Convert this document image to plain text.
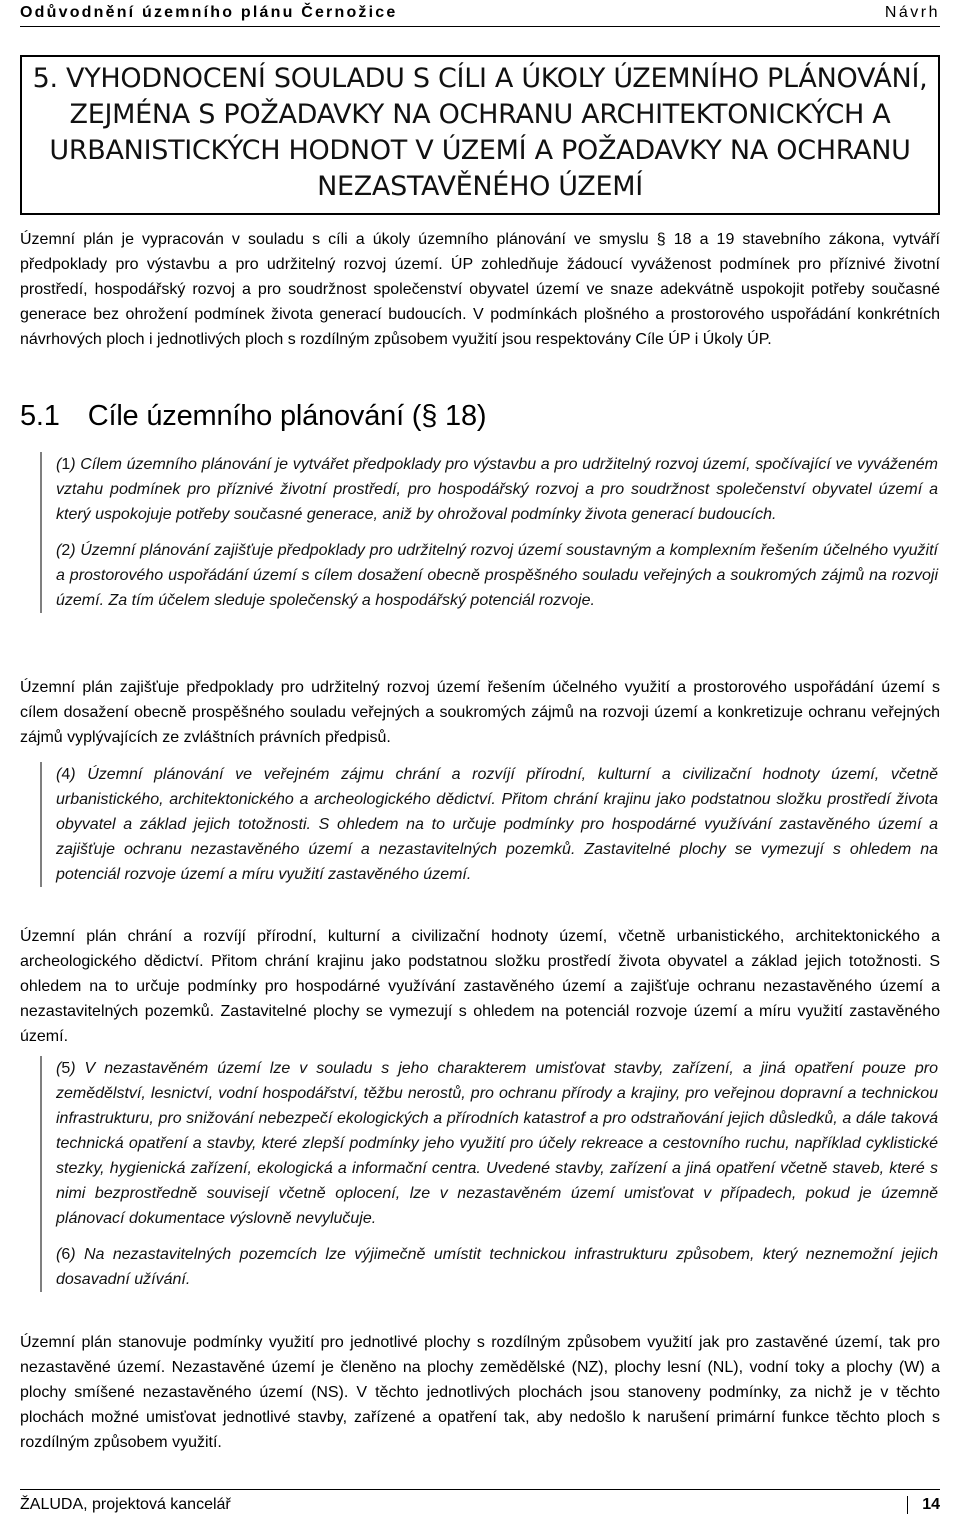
Odůvodnění územního plánu Černožice	Návrh
5. VYHODNOCENÍ SOULADU S CÍLI A ÚKOLY ÚZEMNÍHO PLÁNOVÁNÍ,
ZEJMÉNA S POŽADAVKY NA OCHRANU ARCHITEKTONICKÝCH A
URBANISTICKÝCH HODNOT V ÚZEMÍ A POŽADAVKY NA OCHRANU
NEZASTAVĚNÉHO ÚZEMÍ

Územní plán je vypracován v souladu s cíli a úkoly územního plánování ve smyslu § 18 a 19 stavebního zákona, vytváří předpoklady pro výstavbu a pro udržitelný rozvoj území. ÚP zohledňuje žádoucí vyváženost podmínek pro příznivé životní prostředí, hospodářský rozvoj a pro soudržnost společenství obyvatel území ve snaze adekvátně uspokojit potřeby současné generace bez ohrožení podmínek života generací budoucích. V podmínkách plošného a prostorového uspořádání konkrétních návrhových ploch i jednotlivých ploch s rozdílným způsobem využití jsou respektovány Cíle ÚP i Úkoly ÚP.

5.1 Cíle územního plánování (§ 18)

(1) Cílem územního plánování je vytvářet předpoklady pro výstavbu a pro udržitelný rozvoj území, spočívající ve vyváženém vztahu podmínek pro příznivé životní prostředí, pro hospodářský rozvoj a pro soudržnost společenství obyvatel území a který uspokojuje potřeby současné generace, aniž by ohrožoval podmínky života generací budoucích.

(2) Územní plánování zajišťuje předpoklady pro udržitelný rozvoj území soustavným a komplexním řešením účelného využití a prostorového uspořádání území s cílem dosažení obecně prospěšného souladu veřejných a soukromých zájmů na rozvoji území. Za tím účelem sleduje společenský a hospodářský potenciál rozvoje.

Územní plán zajišťuje předpoklady pro udržitelný rozvoj území řešením účelného využití a prostorového uspořádání území s cílem dosažení obecně prospěšného souladu veřejných a soukromých zájmů na rozvoji území a konkretizuje ochranu veřejných zájmů vyplývajících ze zvláštních právních předpisů.

(4) Územní plánování ve veřejném zájmu chrání a rozvíjí přírodní, kulturní a civilizační hodnoty území, včetně urbanistického, architektonického a archeologického dědictví. Přitom chrání krajinu jako podstatnou složku prostředí života obyvatel a základ jejich totožnosti. S ohledem na to určuje podmínky pro hospodárné využívání zastavěného území a zajišťuje ochranu nezastavěného území a nezastavitelných pozemků. Zastavitelné plochy se vymezují s ohledem na potenciál rozvoje území a míru využití zastavěného území.

Územní plán chrání a rozvíjí přírodní, kulturní a civilizační hodnoty území, včetně urbanistického, architektonického a archeologického dědictví. Přitom chrání krajinu jako podstatnou složku prostředí života obyvatel a základ jejich totožnosti. S ohledem na to určuje podmínky pro hospodárné využívání zastavěného území a zajišťuje ochranu nezastavěného území a nezastavitelných pozemků. Zastavitelné plochy se vymezují s ohledem na potenciál rozvoje území a míru využití zastavěného území.

(5) V nezastavěném území lze v souladu s jeho charakterem umisťovat stavby, zařízení, a jiná opatření pouze pro zemědělství, lesnictví, vodní hospodářství, těžbu nerostů, pro ochranu přírody a krajiny, pro veřejnou dopravní a technickou infrastrukturu, pro snižování nebezpečí ekologických a přírodních katastrof a pro odstraňování jejich důsledků, a dále taková technická opatření a stavby, které zlepší podmínky jeho využití pro účely rekreace a cestovního ruchu, například cyklistické stezky, hygienická zařízení, ekologická a informační centra. Uvedené stavby, zařízení a jiná opatření včetně staveb, které s nimi bezprostředně souvisejí včetně oplocení, lze v nezastavěném území umisťovat v případech, pokud je územně plánovací dokumentace výslovně nevylučuje.

(6) Na nezastavitelných pozemcích lze výjimečně umístit technickou infrastrukturu způsobem, který neznemožní jejich dosavadní užívání.

Územní plán stanovuje podmínky využití pro jednotlivé plochy s rozdílným způsobem využití jak pro zastavěné území, tak pro nezastavěné území. Nezastavěné území je členěno na plochy zemědělské (NZ), plochy lesní (NL), vodní toky a plochy (W) a plochy smíšené nezastavěného území (NS). V těchto jednotlivých plochách jsou stanoveny podmínky, za nichž je v těchto plochách možné umisťovat jednotlivé stavby, zařízené a opatření tak, aby nedošlo k narušení primární funkce těchto ploch s rozdílným způsobem využití.

ŽALUDA, projektová kancelář	14
